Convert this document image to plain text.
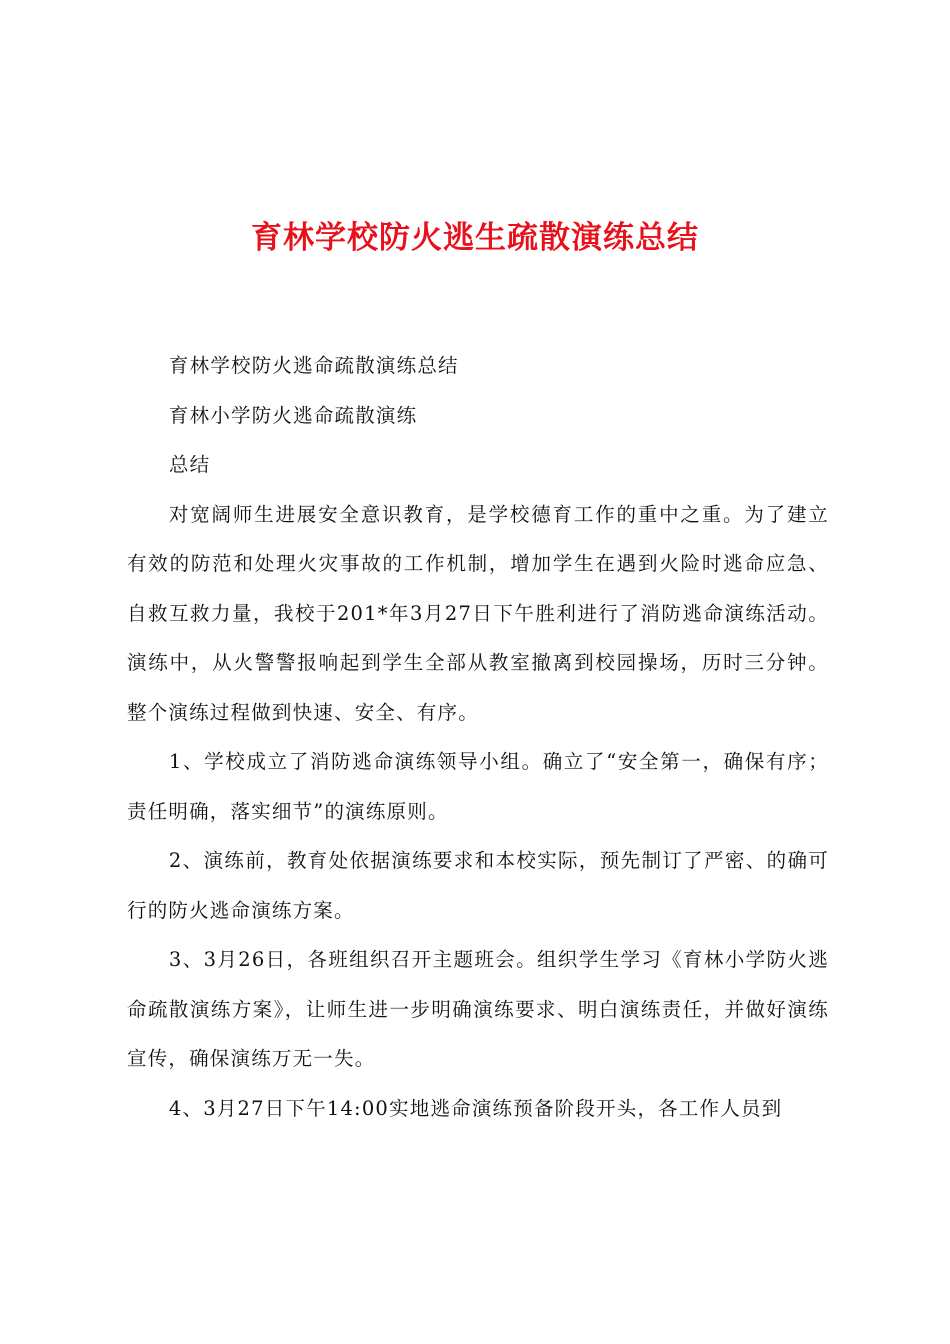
育林学校防火逃生疏散演练总结

育林学校防火逃命疏散演练总结

育林小学防火逃命疏散演练

总结

对宽阔师生进展安全意识教育，是学校德育工作的重中之重。为了建立有效的防范和处理火灾事故的工作机制，增加学生在遇到火险时逃命应急、自救互救力量，我校于201*年3月27日下午胜利进行了消防逃命演练活动。演练中，从火警警报响起到学生全部从教室撤离到校园操场，历时三分钟。整个演练过程做到快速、安全、有序。

1、学校成立了消防逃命演练领导小组。确立了“安全第一，确保有序；责任明确，落实细节”的演练原则。

2、演练前，教育处依据演练要求和本校实际，预先制订了严密、的确可行的防火逃命演练方案。

3、3月26日，各班组织召开主题班会。组织学生学习《育林小学防火逃命疏散演练方案》，让师生进一步明确演练要求、明白演练责任，并做好演练宣传，确保演练万无一失。

4、3月27日下午14:00实地逃命演练预备阶段开头，各工作人员到
